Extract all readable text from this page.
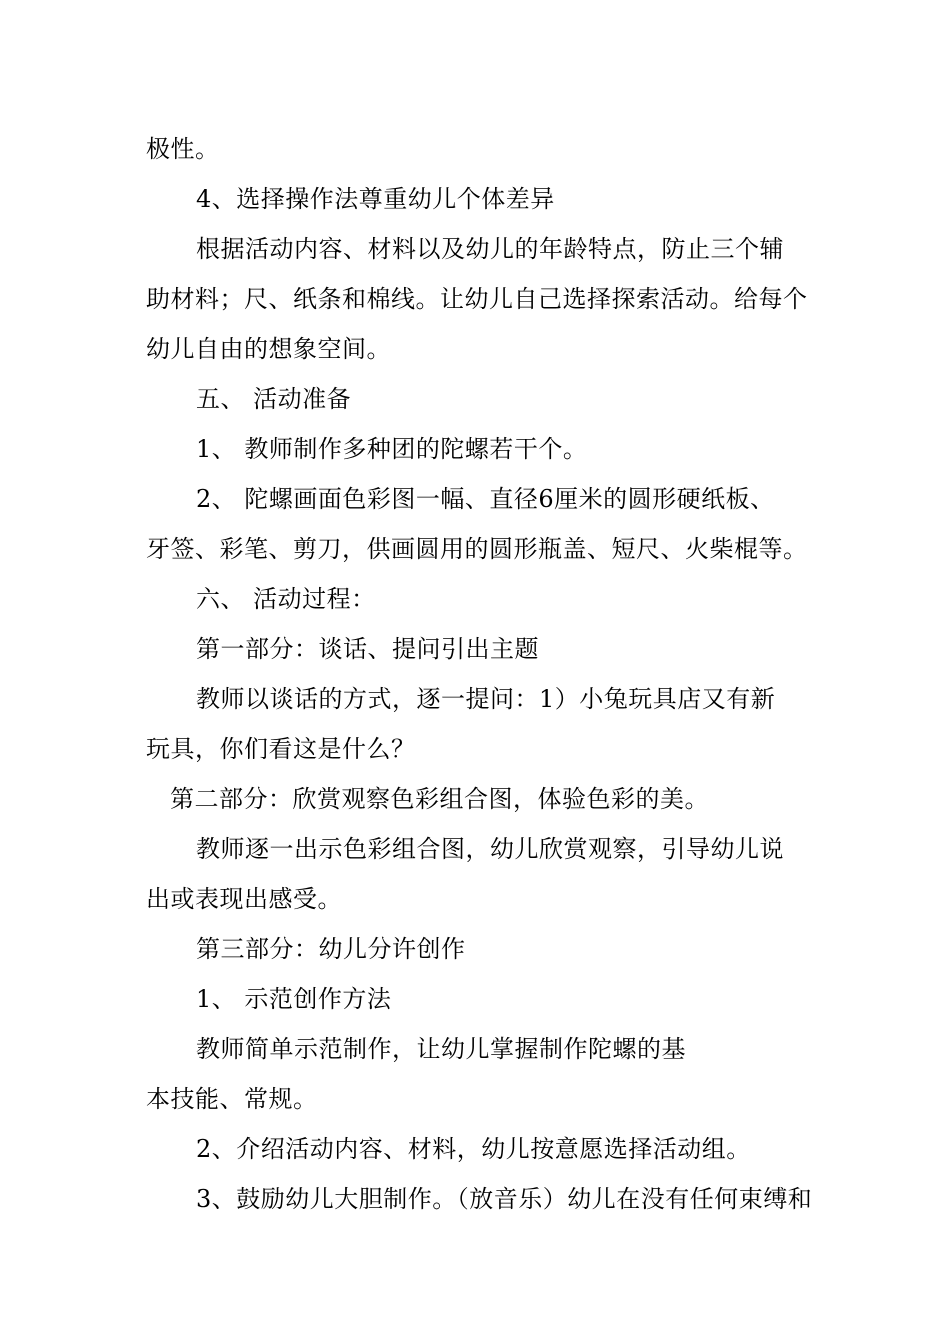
极性。
4、选择操作法尊重幼儿个体差异
根据活动内容、材料以及幼儿的年龄特点，防止三个辅
助材料；尺、纸条和棉线。让幼儿自己选择探索活动。给每个
幼儿自由的想象空间。
五、 活动准备
1、 教师制作多种团的陀螺若干个。
2、 陀螺画面色彩图一幅、直径6厘米的圆形硬纸板、
牙签、彩笔、剪刀，供画圆用的圆形瓶盖、短尺、火柴棍等。
六、 活动过程：
第一部分：谈话、提问引出主题
教师以谈话的方式，逐一提问：1）小兔玩具店又有新
玩具，你们看这是什么？
第二部分：欣赏观察色彩组合图，体验色彩的美。
教师逐一出示色彩组合图，幼儿欣赏观察，引导幼儿说
出或表现出感受。
第三部分：幼儿分许创作
1、 示范创作方法
教师简单示范制作，让幼儿掌握制作陀螺的基
本技能、常规。
2、介绍活动内容、材料，幼儿按意愿选择活动组。
3、鼓励幼儿大胆制作。（放音乐）幼儿在没有任何束缚和
